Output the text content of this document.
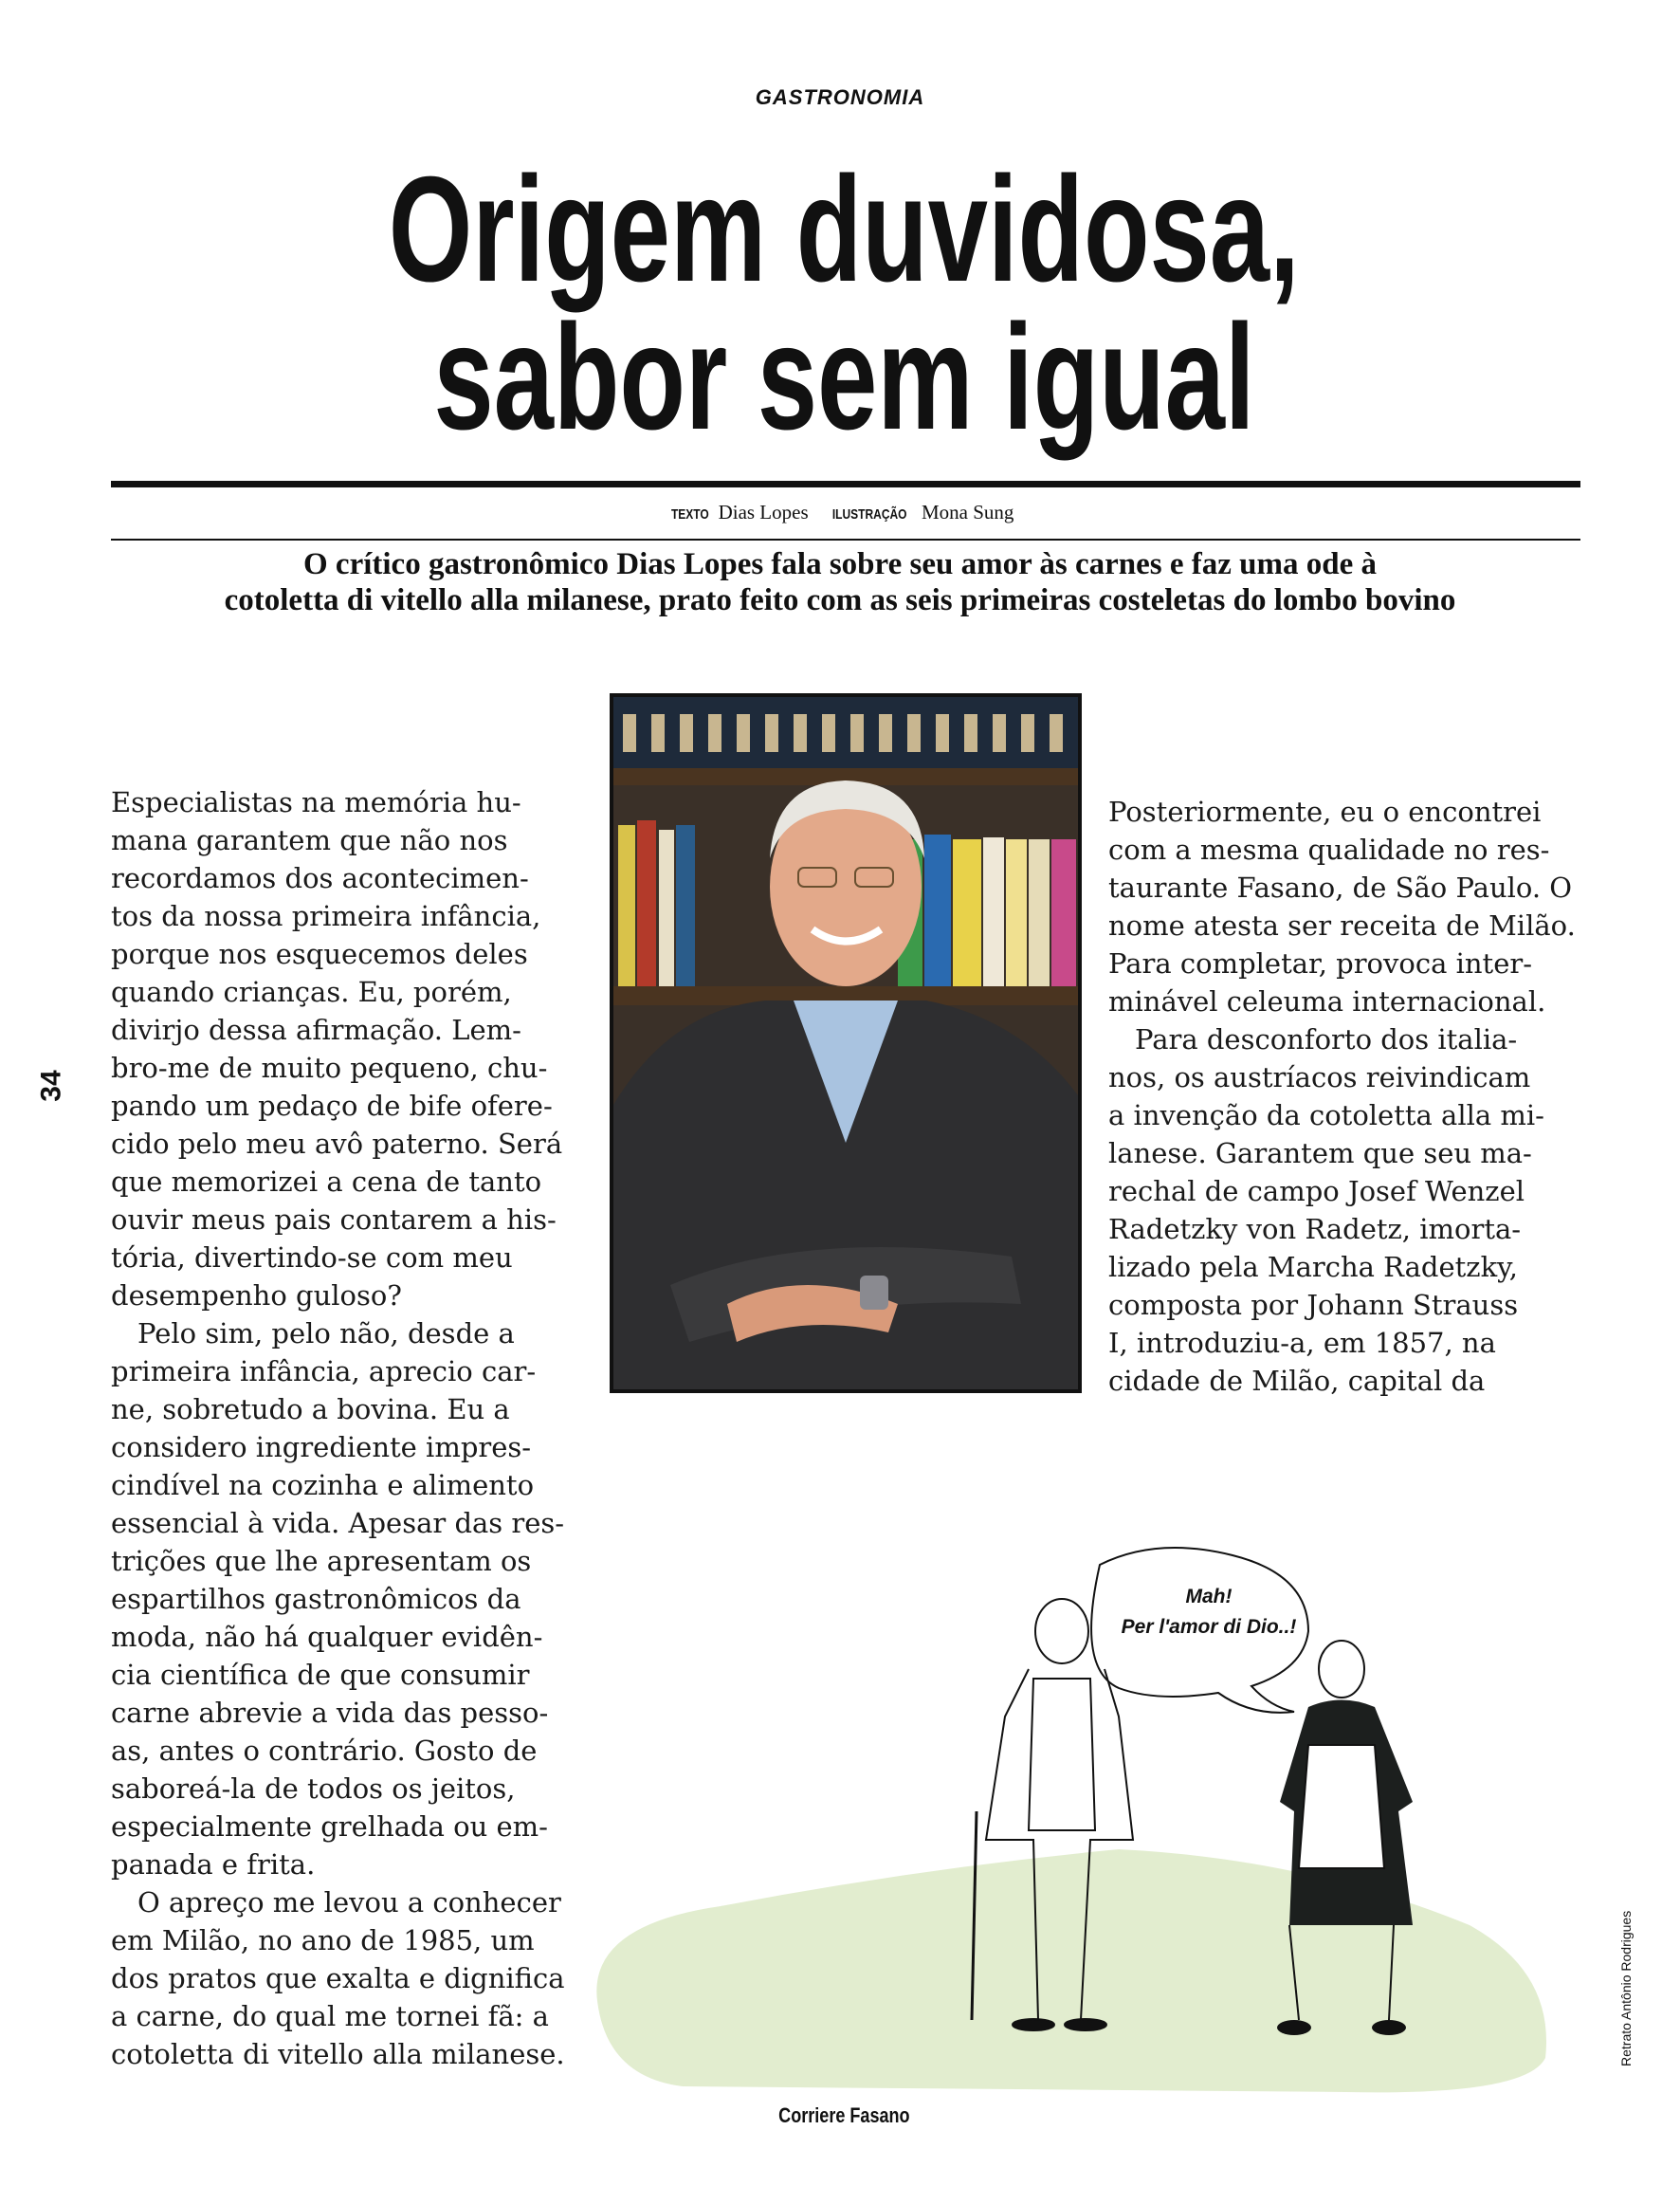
GASTRONOMIA
Origem duvidosa,
sabor sem igual
TEXTO Dias Lopes ILUSTRAÇÃO Mona Sung
O crítico gastronômico Dias Lopes fala sobre seu amor às carnes e faz uma ode à
cotoletta di vitello alla milanese, prato feito com as seis primeiras costeletas do lombo bovino
34
Especialistas na memória hu-
mana garantem que não nos
recordamos dos acontecimen-
tos da nossa primeira infância,
porque nos esquecemos deles
quando crianças. Eu, porém,
divirjo dessa afirmação. Lem-
bro-me de muito pequeno, chu-
pando um pedaço de bife ofere-
cido pelo meu avô paterno. Será
que memorizei a cena de tanto
ouvir meus pais contarem a his-
tória, divertindo-se com meu
desempenho guloso?
Pelo sim, pelo não, desde a
primeira infância, aprecio car-
ne, sobretudo a bovina. Eu a
considero ingrediente impres-
cindível na cozinha e alimento
essencial à vida. Apesar das res-
trições que lhe apresentam os
espartilhos gastronômicos da
moda, não há qualquer evidên-
cia científica de que consumir
carne abrevie a vida das pesso-
as, antes o contrário. Gosto de
saboreá-la de todos os jeitos,
especialmente grelhada ou em-
panada e frita.
O apreço me levou a conhecer
em Milão, no ano de 1985, um
dos pratos que exalta e dignifica
a carne, do qual me tornei fã: a
cotoletta di vitello alla milanese.
Posteriormente, eu o encontrei
com a mesma qualidade no res-
taurante Fasano, de São Paulo. O
nome atesta ser receita de Milão.
Para completar, provoca inter-
minável celeuma internacional.
Para desconforto dos italia-
nos, os austríacos reivindicam
a invenção da cotoletta alla mi-
lanese. Garantem que seu ma-
rechal de campo Josef Wenzel
Radetzky von Radetz, imorta-
lizado pela Marcha Radetzky,
composta por Johann Strauss
I, introduziu-a, em 1857, na
cidade de Milão, capital da
Mah!
Per l'amor di Dio..!
Retrato Antônio Rodrigues
Corriere Fasano
